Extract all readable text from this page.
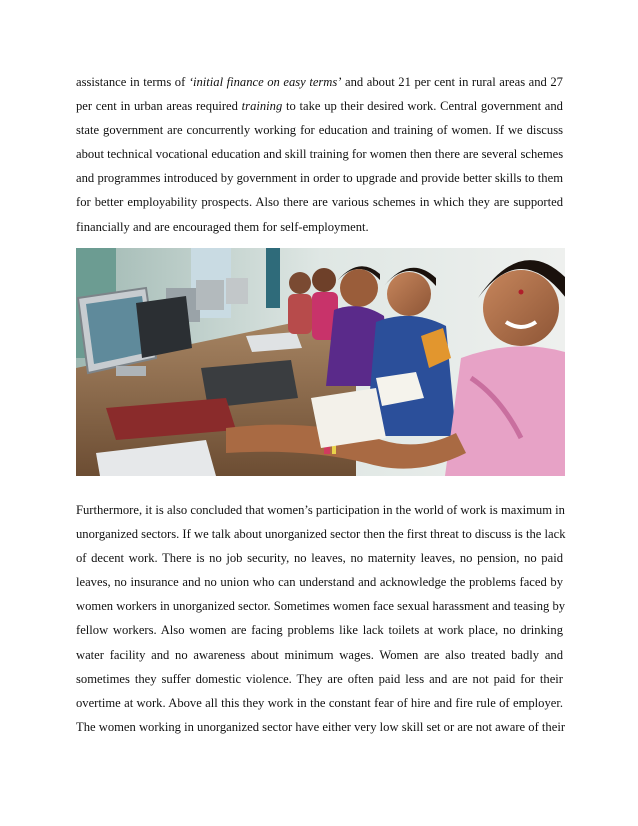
assistance in terms of ‘initial finance on easy terms’ and about 21 per cent in rural areas and 27
per cent in urban areas required training to take up their desired work. Central government and
state government are concurrently working for education and training of women. If we discuss
about technical vocational education and skill training for women then there are several schemes
and programmes introduced by government in order to upgrade and provide better skills to them
for better employability prospects. Also there are various schemes in which they are supported
financially and are encouraged them for self-employment.

Furthermore, it is also concluded that women’s participation in the world of work is maximum in
unorganized sectors. If we talk about unorganized sector then the first threat to discuss is the lack
of decent work. There is no job security, no leaves, no maternity leaves, no pension, no paid
leaves, no insurance and no union who can understand and acknowledge the problems faced by
women workers in unorganized sector. Sometimes women face sexual harassment and teasing by
fellow workers. Also women are facing problems like lack toilets at work place, no drinking
water facility and no awareness about minimum wages. Women are also treated badly and
sometimes they suffer domestic violence. They are often paid less and are not paid for their
overtime at work. Above all this they work in the constant fear of hire and fire rule of employer.
The women working in unorganized sector have either very low skill set or are not aware of their
